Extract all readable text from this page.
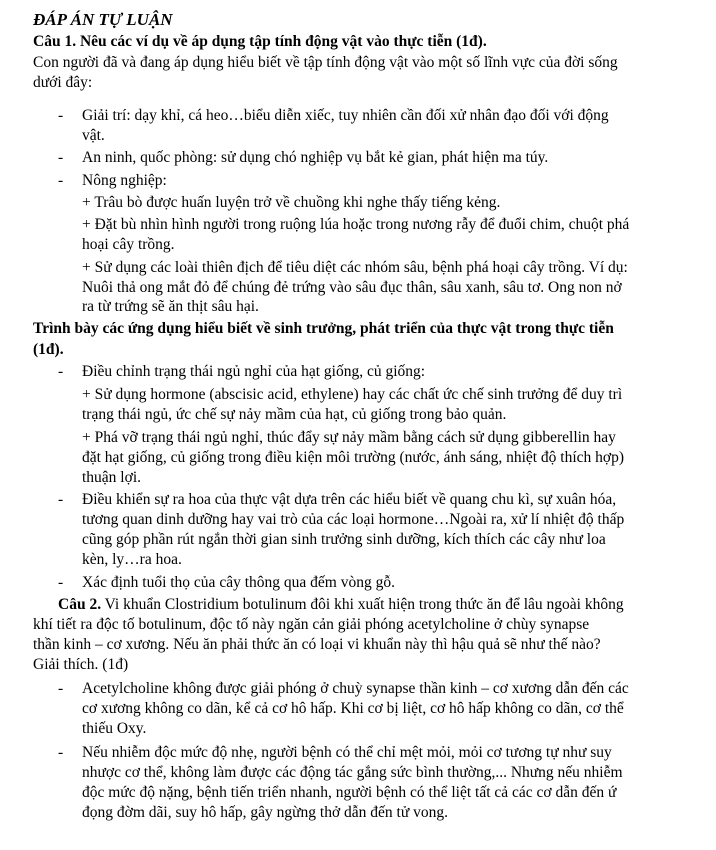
ĐÁP ÁN TỰ LUẬN
Câu 1. Nêu các ví dụ về áp dụng tập tính động vật vào thực tiễn (1đ).
Con người đã và đang áp dụng hiểu biết về tập tính động vật vào một số lĩnh vực của đời sống
dưới đây:
- Giải trí: dạy khỉ, cá heo…biểu diễn xiếc, tuy nhiên cần đối xử nhân đạo đối với động
vật.
- An ninh, quốc phòng: sử dụng chó nghiệp vụ bắt kẻ gian, phát hiện ma túy.
- Nông nghiệp:
+ Trâu bò được huấn luyện trở về chuồng khi nghe thấy tiếng kẻng.
+ Đặt bù nhìn hình người trong ruộng lúa hoặc trong nương rẫy để đuổi chim, chuột phá
hoại cây trồng.
+ Sử dụng các loài thiên địch để tiêu diệt các nhóm sâu, bệnh phá hoại cây trồng. Ví dụ:
Nuôi thả ong mắt đỏ để chúng đẻ trứng vào sâu đục thân, sâu xanh, sâu tơ. Ong non nở
ra từ trứng sẽ ăn thịt sâu hại.
Trình bày các ứng dụng hiểu biết về sinh trưởng, phát triển của thực vật trong thực tiễn
(1đ).
- Điều chỉnh trạng thái ngủ nghỉ của hạt giống, củ giống:
+ Sử dụng hormone (abscisic acid, ethylene) hay các chất ức chế sinh trưởng để duy trì
trạng thái ngủ, ức chế sự nảy mầm của hạt, củ giống trong bảo quản.
+ Phá vỡ trạng thái ngủ nghỉ, thúc đẩy sự nảy mầm bằng cách sử dụng gibberellin hay
đặt hạt giống, củ giống trong điều kiện môi trường (nước, ánh sáng, nhiệt độ thích hợp)
thuận lợi.
- Điều khiển sự ra hoa của thực vật dựa trên các hiểu biết về quang chu kì, sự xuân hóa,
tương quan dinh dưỡng hay vai trò của các loại hormone…Ngoài ra, xử lí nhiệt độ thấp
cũng góp phần rút ngắn thời gian sinh trưởng sinh dưỡng, kích thích các cây như loa
kèn, ly…ra hoa.
- Xác định tuổi thọ của cây thông qua đếm vòng gỗ.
Câu 2. Vi khuẩn Clostridium botulinum đôi khi xuất hiện trong thức ăn để lâu ngoài không
khí tiết ra độc tố botulinum, độc tố này ngăn cản giải phóng acetylcholine ở chùy synapse
thần kinh – cơ xương. Nếu ăn phải thức ăn có loại vi khuẩn này thì hậu quả sẽ như thế nào?
Giải thích. (1đ)
- Acetylcholine không được giải phóng ở chuỳ synapse thần kinh – cơ xương dẫn đến các
cơ xương không co dãn, kể cả cơ hô hấp. Khi cơ bị liệt, cơ hô hấp không co dãn, cơ thể
thiếu Oxy.
- Nếu nhiễm độc mức độ nhẹ, người bệnh có thể chỉ mệt mỏi, mỏi cơ tương tự như suy
nhược cơ thể, không làm được các động tác gắng sức bình thường,... Nhưng nếu nhiễm
độc mức độ nặng, bệnh tiến triển nhanh, người bệnh có thể liệt tất cả các cơ dẫn đến ứ
đọng đờm dãi, suy hô hấp, gây ngừng thở dẫn đến tử vong.
